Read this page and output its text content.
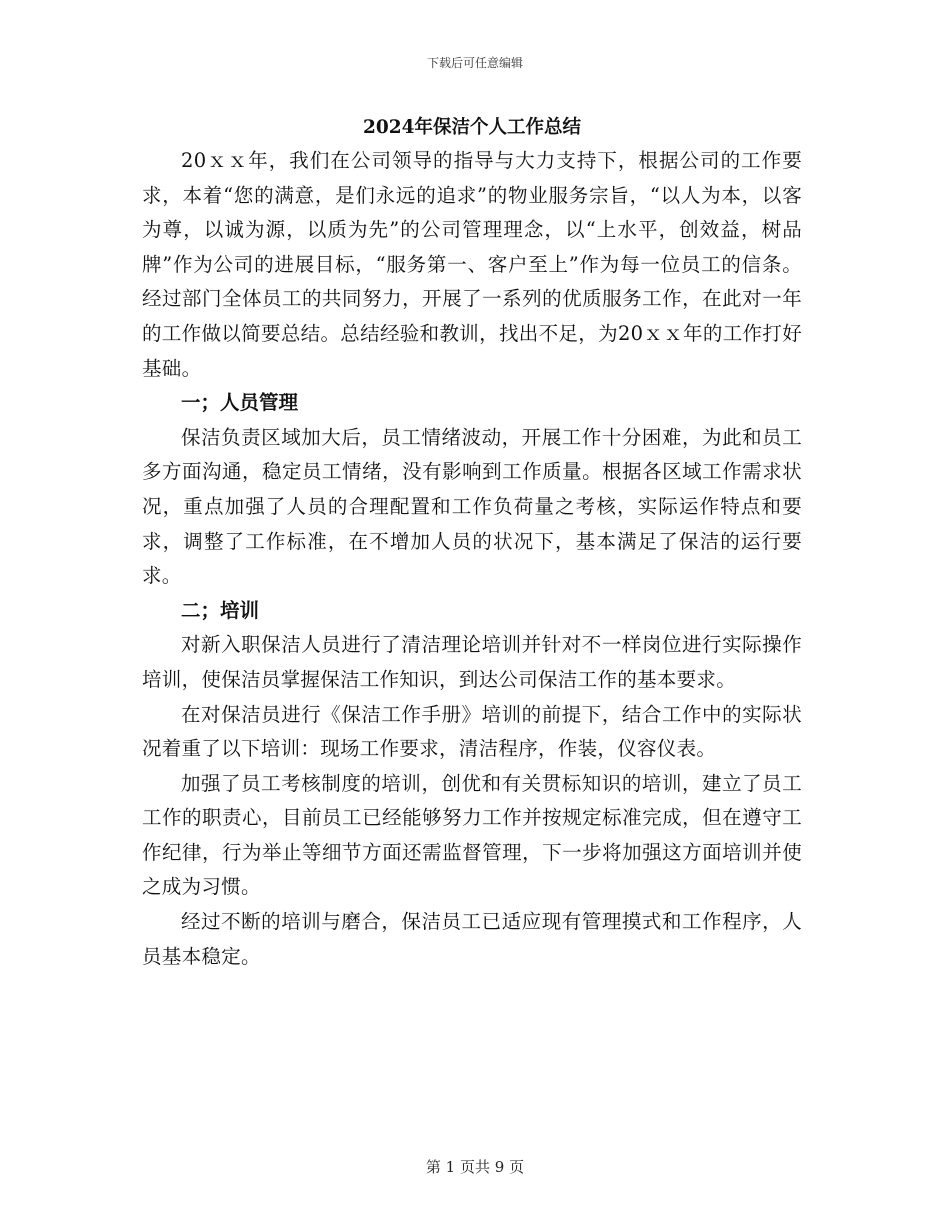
下载后可任意编辑
2024年保洁个人工作总结

20ｘｘ年，我们在公司领导的指导与大力支持下，根据公司的工作要求，本着“您的满意，是们永远的追求”的物业服务宗旨，“以人为本，以客为尊，以诚为源，以质为先”的公司管理理念，以“上水平，创效益，树品牌”作为公司的进展目标，“服务第一、客户至上”作为每一位员工的信条。经过部门全体员工的共同努力，开展了一系列的优质服务工作，在此对一年的工作做以简要总结。总结经验和教训，找出不足，为20ｘｘ年的工作打好基础。

一；人员管理

保洁负责区域加大后，员工情绪波动，开展工作十分困难，为此和员工多方面沟通，稳定员工情绪，没有影响到工作质量。根据各区域工作需求状况，重点加强了人员的合理配置和工作负荷量之考核，实际运作特点和要求，调整了工作标准，在不增加人员的状况下，基本满足了保洁的运行要求。

二；培训

对新入职保洁人员进行了清洁理论培训并针对不一样岗位进行实际操作培训，使保洁员掌握保洁工作知识，到达公司保洁工作的基本要求。

在对保洁员进行《保洁工作手册》培训的前提下，结合工作中的实际状况着重了以下培训：现场工作要求，清洁程序，作装，仪容仪表。

加强了员工考核制度的培训，创优和有关贯标知识的培训，建立了员工工作的职责心，目前员工已经能够努力工作并按规定标准完成，但在遵守工作纪律，行为举止等细节方面还需监督管理，下一步将加强这方面培训并使之成为习惯。

经过不断的培训与磨合，保洁员工已适应现有管理摸式和工作程序，人员基本稳定。

第 1 页共 9 页
